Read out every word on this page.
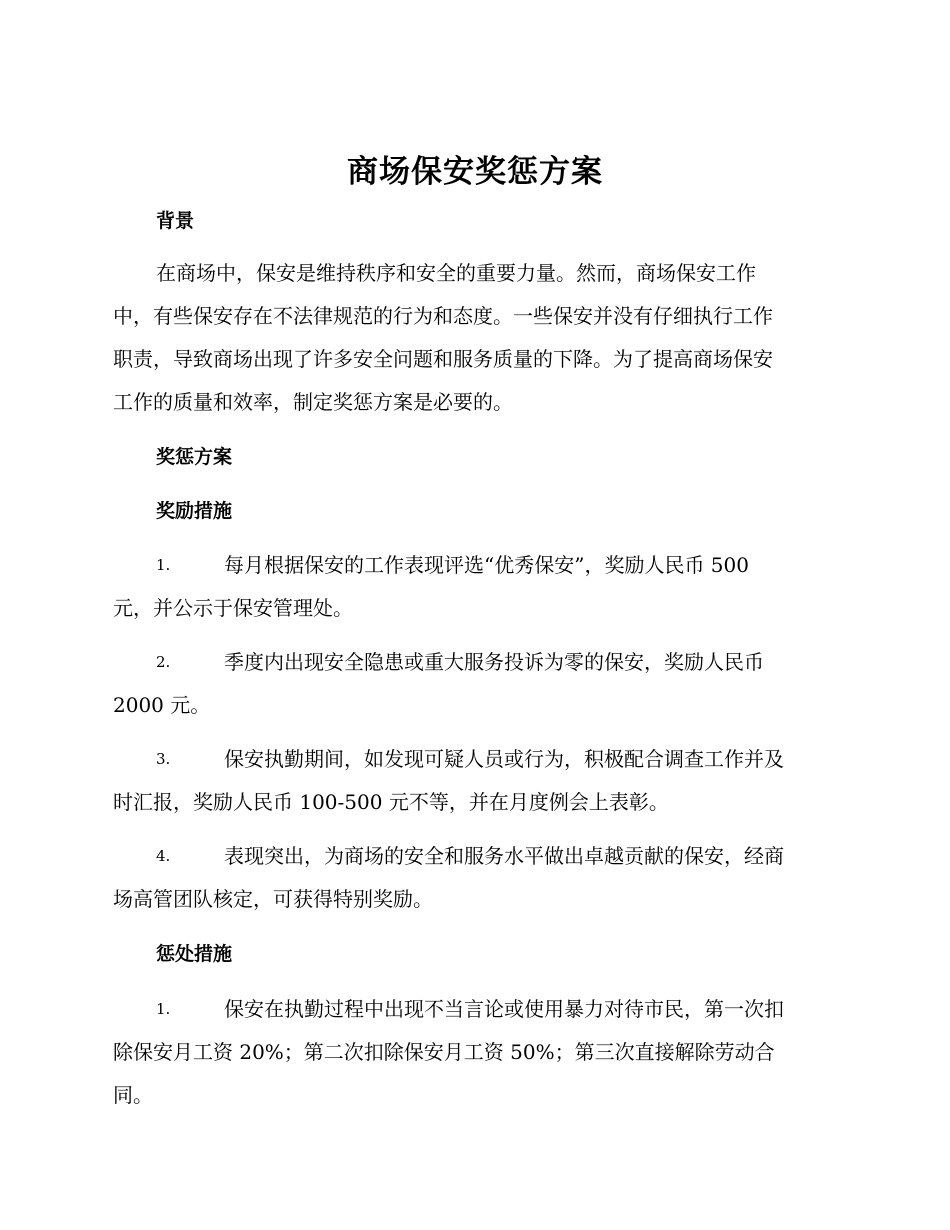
商场保安奖惩方案
背景
在商场中，保安是维持秩序和安全的重要力量。然而，商场保安工作
中，有些保安存在不法律规范的行为和态度。一些保安并没有仔细执行工作
职责，导致商场出现了许多安全问题和服务质量的下降。为了提高商场保安
工作的质量和效率，制定奖惩方案是必要的。
奖惩方案
奖励措施
1.	每月根据保安的工作表现评选“优秀保安”，奖励人民币 500
元，并公示于保安管理处。
2.	季度内出现安全隐患或重大服务投诉为零的保安，奖励人民币
2000 元。
3.	保安执勤期间，如发现可疑人员或行为，积极配合调查工作并及
时汇报，奖励人民币 100-500 元不等，并在月度例会上表彰。
4.	表现突出，为商场的安全和服务水平做出卓越贡献的保安，经商
场高管团队核定，可获得特别奖励。
惩处措施
1.	保安在执勤过程中出现不当言论或使用暴力对待市民，第一次扣
除保安月工资 20%；第二次扣除保安月工资 50%；第三次直接解除劳动合
同。
